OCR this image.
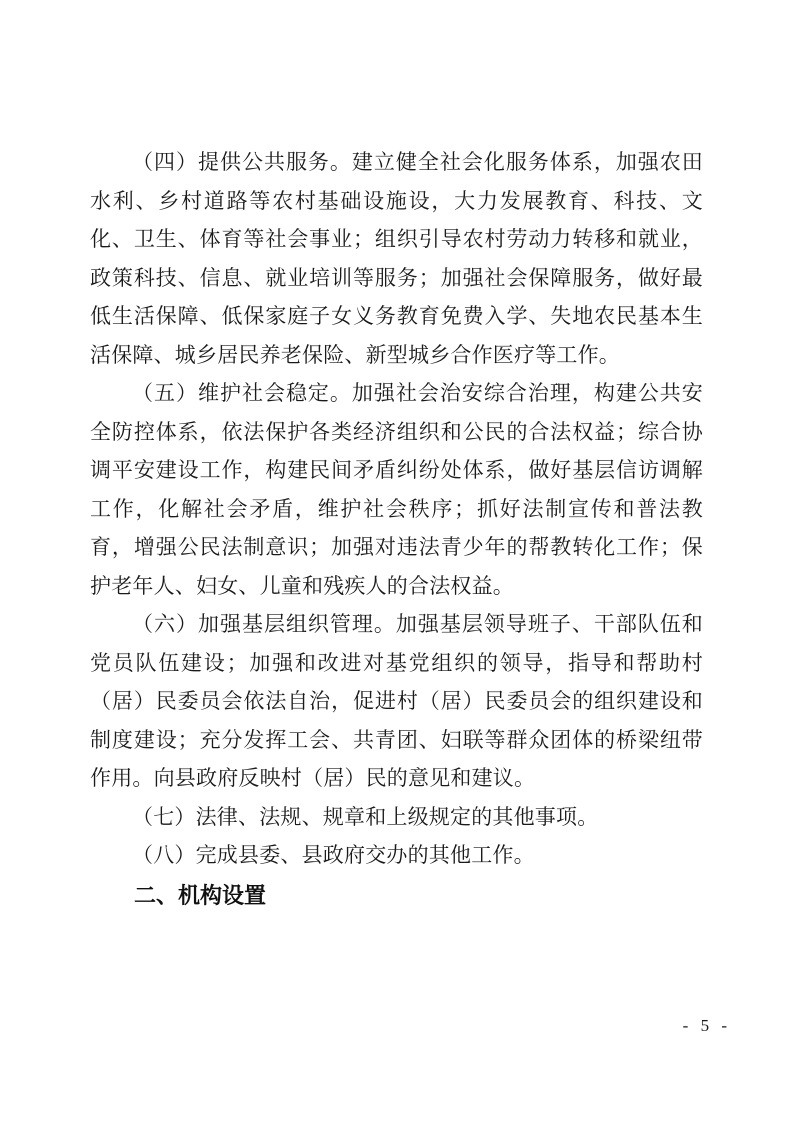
（四）提供公共服务。建立健全社会化服务体系，加强农田水利、乡村道路等农村基础设施设，大力发展教育、科技、文化、卫生、体育等社会事业；组织引导农村劳动力转移和就业，政策科技、信息、就业培训等服务；加强社会保障服务，做好最低生活保障、低保家庭子女义务教育免费入学、失地农民基本生活保障、城乡居民养老保险、新型城乡合作医疗等工作。

（五）维护社会稳定。加强社会治安综合治理，构建公共安全防控体系，依法保护各类经济组织和公民的合法权益；综合协调平安建设工作，构建民间矛盾纠纷处体系，做好基层信访调解工作，化解社会矛盾，维护社会秩序；抓好法制宣传和普法教育，增强公民法制意识；加强对违法青少年的帮教转化工作；保护老年人、妇女、儿童和残疾人的合法权益。

（六）加强基层组织管理。加强基层领导班子、干部队伍和党员队伍建设；加强和改进对基党组织的领导，指导和帮助村（居）民委员会依法自治，促进村（居）民委员会的组织建设和制度建设；充分发挥工会、共青团、妇联等群众团体的桥梁纽带作用。向县政府反映村（居）民的意见和建议。

（七）法律、法规、规章和上级规定的其他事项。

（八）完成县委、县政府交办的其他工作。

二、机构设置
- 5 -
